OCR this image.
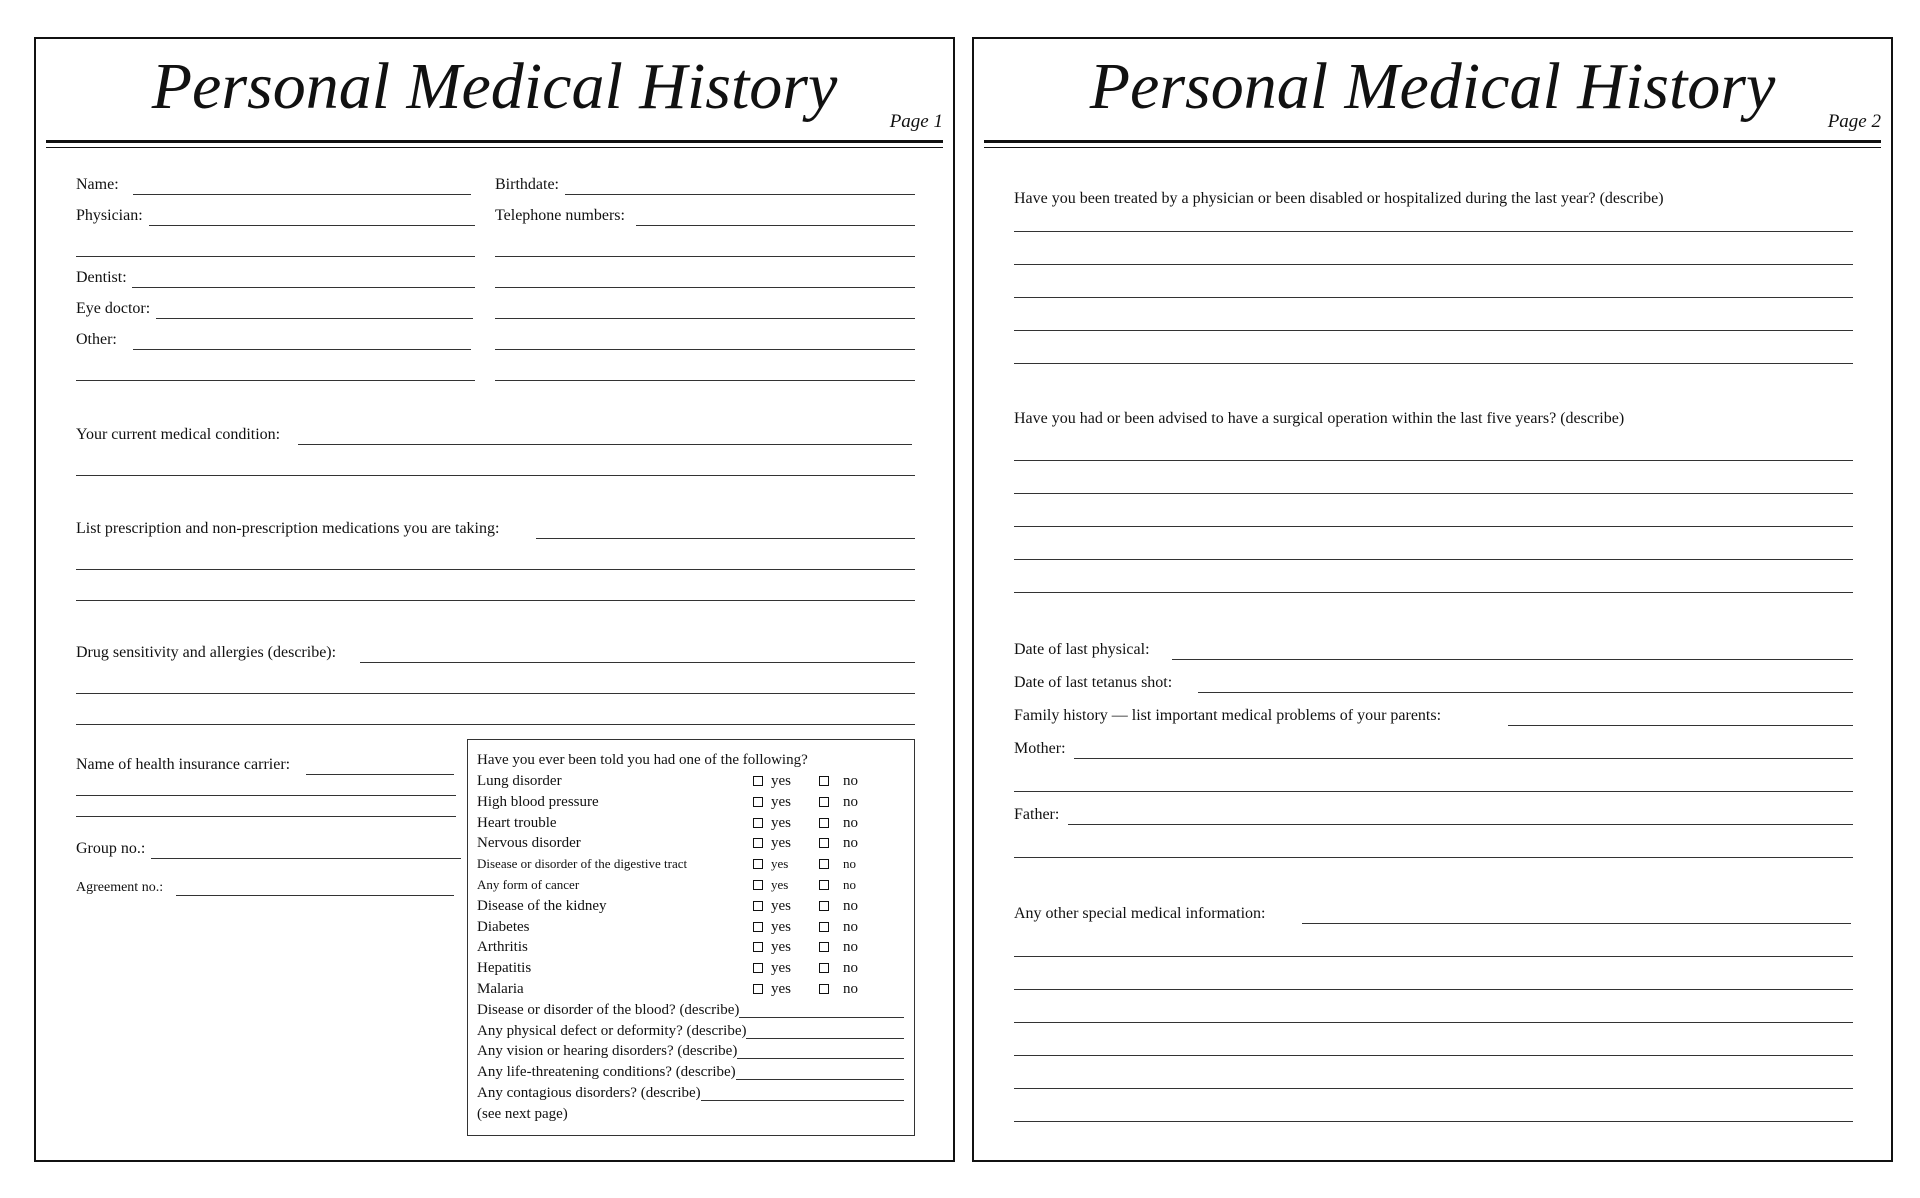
Personal Medical History	Page 1
Name:	Birthdate:
Physician:	Telephone numbers:
Dentist:
Eye doctor:
Other:
Your current medical condition:
List prescription and non-prescription medications you are taking:
Drug sensitivity and allergies (describe):
Name of health insurance carrier:
Group no.:
Agreement no.:
Have you ever been told you had one of the following?
Lung disorder	yes	no
High blood pressure	yes	no
Heart trouble	yes	no
Nervous disorder	yes	no
Disease or disorder of the digestive tract	yes	no
Any form of cancer	yes	no
Disease of the kidney	yes	no
Diabetes	yes	no
Arthritis	yes	no
Hepatitis	yes	no
Malaria	yes	no
Disease or disorder of the blood? (describe)
Any physical defect or deformity? (describe)
Any vision or hearing disorders? (describe)
Any life-threatening conditions? (describe)
Any contagious disorders? (describe)
(see next page)
Personal Medical History	Page 2
Have you been treated by a physician or been disabled or hospitalized during the last year? (describe)
Have you had or been advised to have a surgical operation within the last five years? (describe)
Date of last physical:
Date of last tetanus shot:
Family history — list important medical problems of your parents:
Mother:
Father:
Any other special medical information:
